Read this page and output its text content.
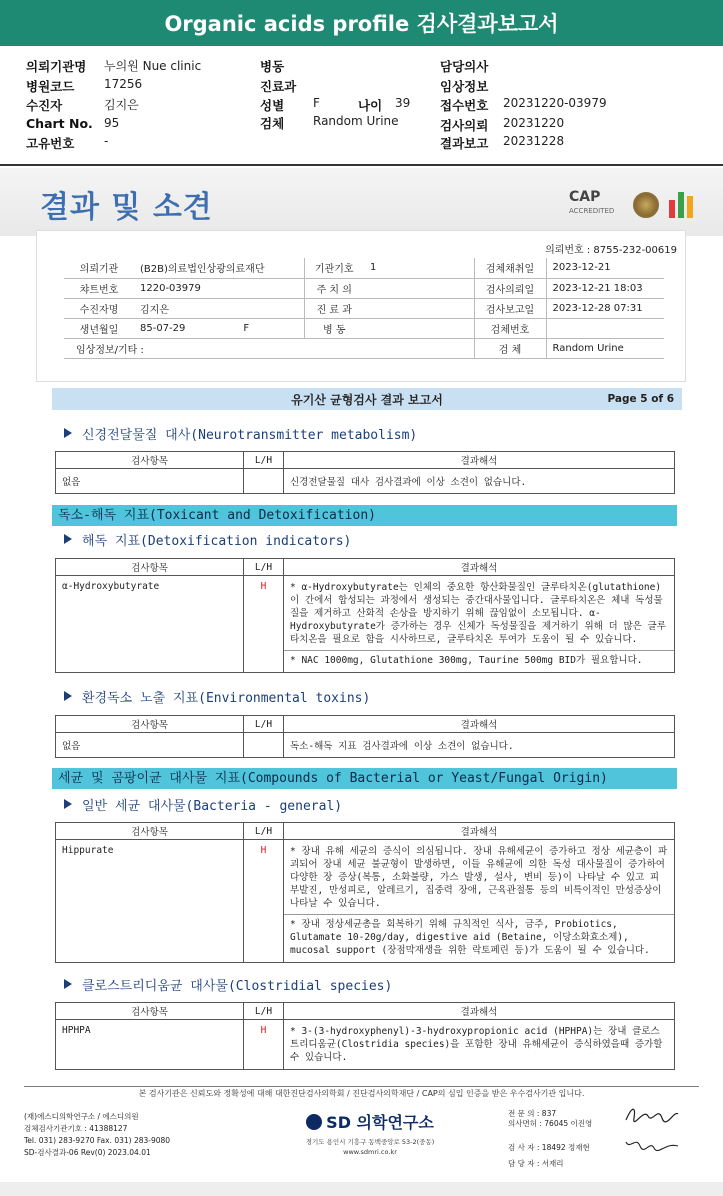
Organic acids profile 검사결과보고서
의뢰기관명 누의원 Nue clinic
병원코드 17256
수진자	김지은
Chart No. 95
고유번호 -
병동
진료과
성별 F	나이 39
검체 Random Urine
담당의사
임상정보
접수번호 20231220-03979
검사의뢰 20231220
결과보고 20231228
결과 및 소견	CAP
ACCREDITED
의뢰번호 : 8755-232-00619
의뢰기관	(B2B)의료법인상광의료재단	기관기호	1	검체채취일	2023-12-21
챠트번호	1220-03979	주 치 의		검사의뢰일	2023-12-21 18:03
수진자명	김지은	진 료 과		검사보고일	2023-12-28 07:31
생년월일	85-07-29 F	병 동		검체번호	
임상정보/기타 :				검 체	Random Urine
유기산 균형검사 결과 보고서	Page 5 of 6
신경전달물질 대사(Neurotransmitter metabolism)
검사항목	L/H	결과해석
없음		신경전달물질 대사 검사결과에 이상 소견이 없습니다.
독소-해독 지표(Toxicant and Detoxification)
해독 지표(Detoxification indicators)
검사항목	L/H	결과해석
α-Hydroxybutyrate	H	* α-Hydroxybutyrate는 인체의 중요한 항산화물질인 글루타치온(glutathione)이 간에서 합성되는 과정에서 생성되는 중간대사물입니다. 글루타치온은 체내 독성물질을 제거하고 산화적 손상을 방지하기 위해 끊임없이 소모됩니다. α-Hydroxybutyrate가 증가하는 경우 신체가 독성물질을 제거하기 위해 더 많은 글루타치온을 필요로 함을 시사하므로, 글루타치온 투여가 도움이 될 수 있습니다.
* NAC 1000mg, Glutathione 300mg, Taurine 500mg BID가 필요합니다.
환경독소 노출 지표(Environmental toxins)
검사항목	L/H	결과해석
없음		독소-해독 지표 검사결과에 이상 소견이 없습니다.
세균 및 곰팡이균 대사물 지표(Compounds of Bacterial or Yeast/Fungal Origin)
일반 세균 대사물(Bacteria - general)
검사항목	L/H	결과해석
Hippurate	H	* 장내 유해 세균의 증식이 의심됩니다. 장내 유해세균이 증가하고 정상 세균층이 파괴되어 장내 세균 불균형이 발생하면, 이들 유해균에 의한 독성 대사물질이 증가하여 다양한 장 증상(복통, 소화불량, 가스 발생, 설사, 변비 등)이 나타날 수 있고 피부발진, 만성피로, 알레르기, 집중력 장애, 근육관절통 등의 비특이적인 만성증상이 나타날 수 있습니다.
* 장내 정상세균총을 회복하기 위해 규칙적인 식사, 금주, Probiotics, Glutamate 10-20g/day, digestive aid (Betaine, 이당소화효소제), mucosal support (장점막재생을 위한 락토페린 등)가 도움이 될 수 있습니다.
클로스트리디움균 대사물(Clostridial species)
검사항목	L/H	결과해석
HPHPA	H	* 3-(3-hydroxyphenyl)-3-hydroxypropionic acid (HPHPA)는 장내 클로스트리디움균(Clostridia species)을 포함한 장내 유해세균이 증식하였을때 증가할 수 있습니다.
본 검사기관은 신뢰도와 정확성에 대해 대한진단검사의학회 / 진단검사의학재단 / CAP의 심입 인증을 받은 우수검사기관 입니다.
(재)에스디의학연구소 / 에스디의원
검체검사기관기호 : 41388127
Tel. 031) 283-9270 Fax. 031) 283-9080
SD-검사결과-06 Rev(0) 2023.04.01
SD 의학연구소
경기도 용인시 기흥구 동백중앙로 53-2(중동)
www.sdmri.co.kr
전 문 의 : 837
의사면허 : 76045 이진영
검 사 자 : 18492 정재현
담 당 자 : 서재리
